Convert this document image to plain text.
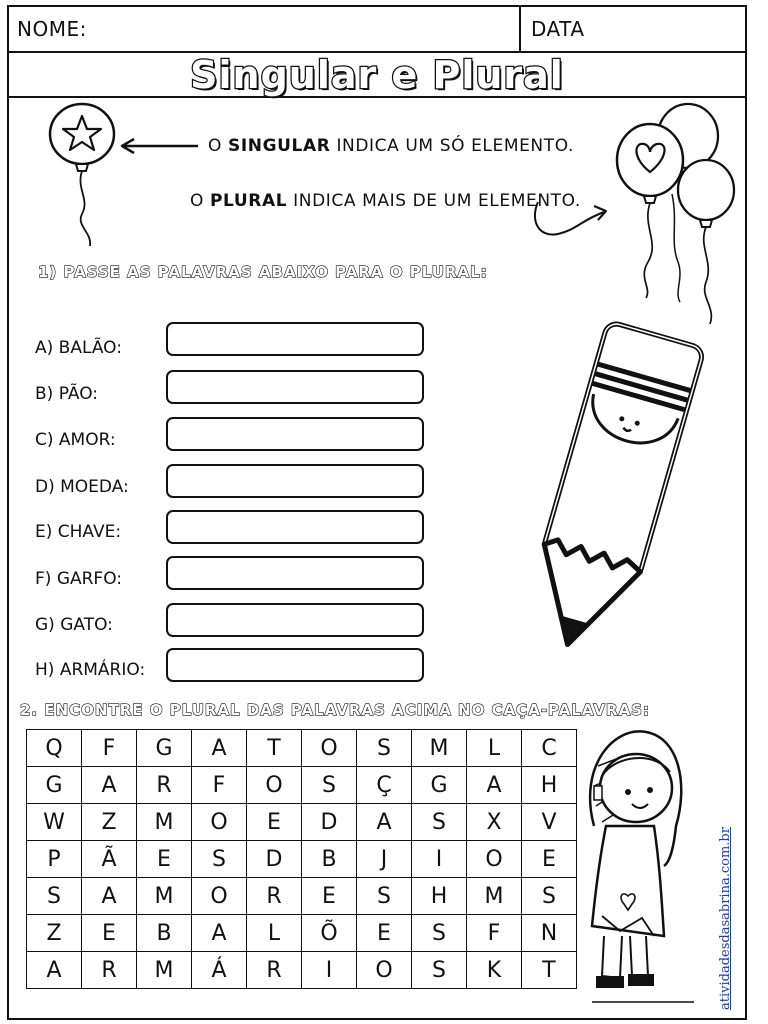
NOME:	DATA
Singular e Plural
O SINGULAR INDICA UM SÓ ELEMENTO.
O PLURAL INDICA MAIS DE UM ELEMENTO.
1) PASSE AS PALAVRAS ABAIXO PARA O PLURAL:
A) BALÃO:
B) PÃO:
C) AMOR:
D) MOEDA:
E) CHAVE:
F) GARFO:
G) GATO:
H) ARMÁRIO:
2. ENCONTRE O PLURAL DAS PALAVRAS ACIMA NO CAÇA-PALAVRAS:
Q	F	G	A	T	O	S	M	L	C
G	A	R	F	O	S	Ç	G	A	H
W	Z	M	O	E	D	A	S	X	V
P	Ã	E	S	D	B	J	I	O	E
S	A	M	O	R	E	S	H	M	S
Z	E	B	A	L	Õ	E	S	F	N
A	R	M	Á	R	I	O	S	K	T	atividadesdasabrina.com.br
